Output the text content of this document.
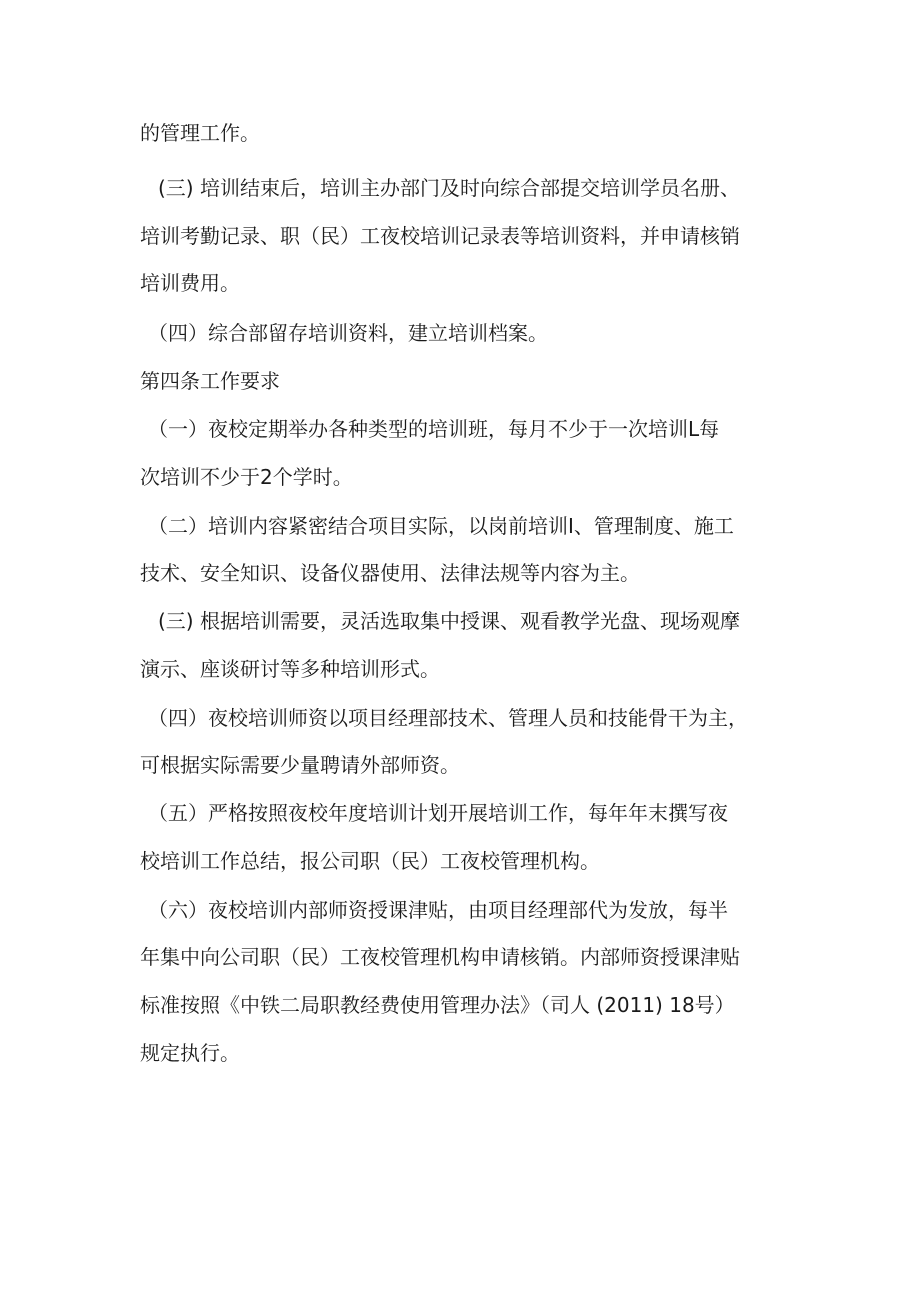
的管理工作。
(三) 培训结束后，培训主办部门及时向综合部提交培训学员名册、
培训考勤记录、职（民）工夜校培训记录表等培训资料，并申请核销
培训费用。
（四）综合部留存培训资料，建立培训档案。
第四条工作要求
（一）夜校定期举办各种类型的培训班，每月不少于一次培训L每
次培训不少于2个学时。
（二）培训内容紧密结合项目实际，以岗前培训I、管理制度、施工
技术、安全知识、设备仪器使用、法律法规等内容为主。
(三) 根据培训需要，灵活选取集中授课、观看教学光盘、现场观摩
演示、座谈研讨等多种培训形式。
（四）夜校培训师资以项目经理部技术、管理人员和技能骨干为主，
可根据实际需要少量聘请外部师资。
（五）严格按照夜校年度培训计划开展培训工作，每年年末撰写夜
校培训工作总结，报公司职（民）工夜校管理机构。
（六）夜校培训内部师资授课津贴，由项目经理部代为发放，每半
年集中向公司职（民）工夜校管理机构申请核销。内部师资授课津贴
标准按照《中铁二局职教经费使用管理办法》（司人 (2011) 18号）
规定执行。
